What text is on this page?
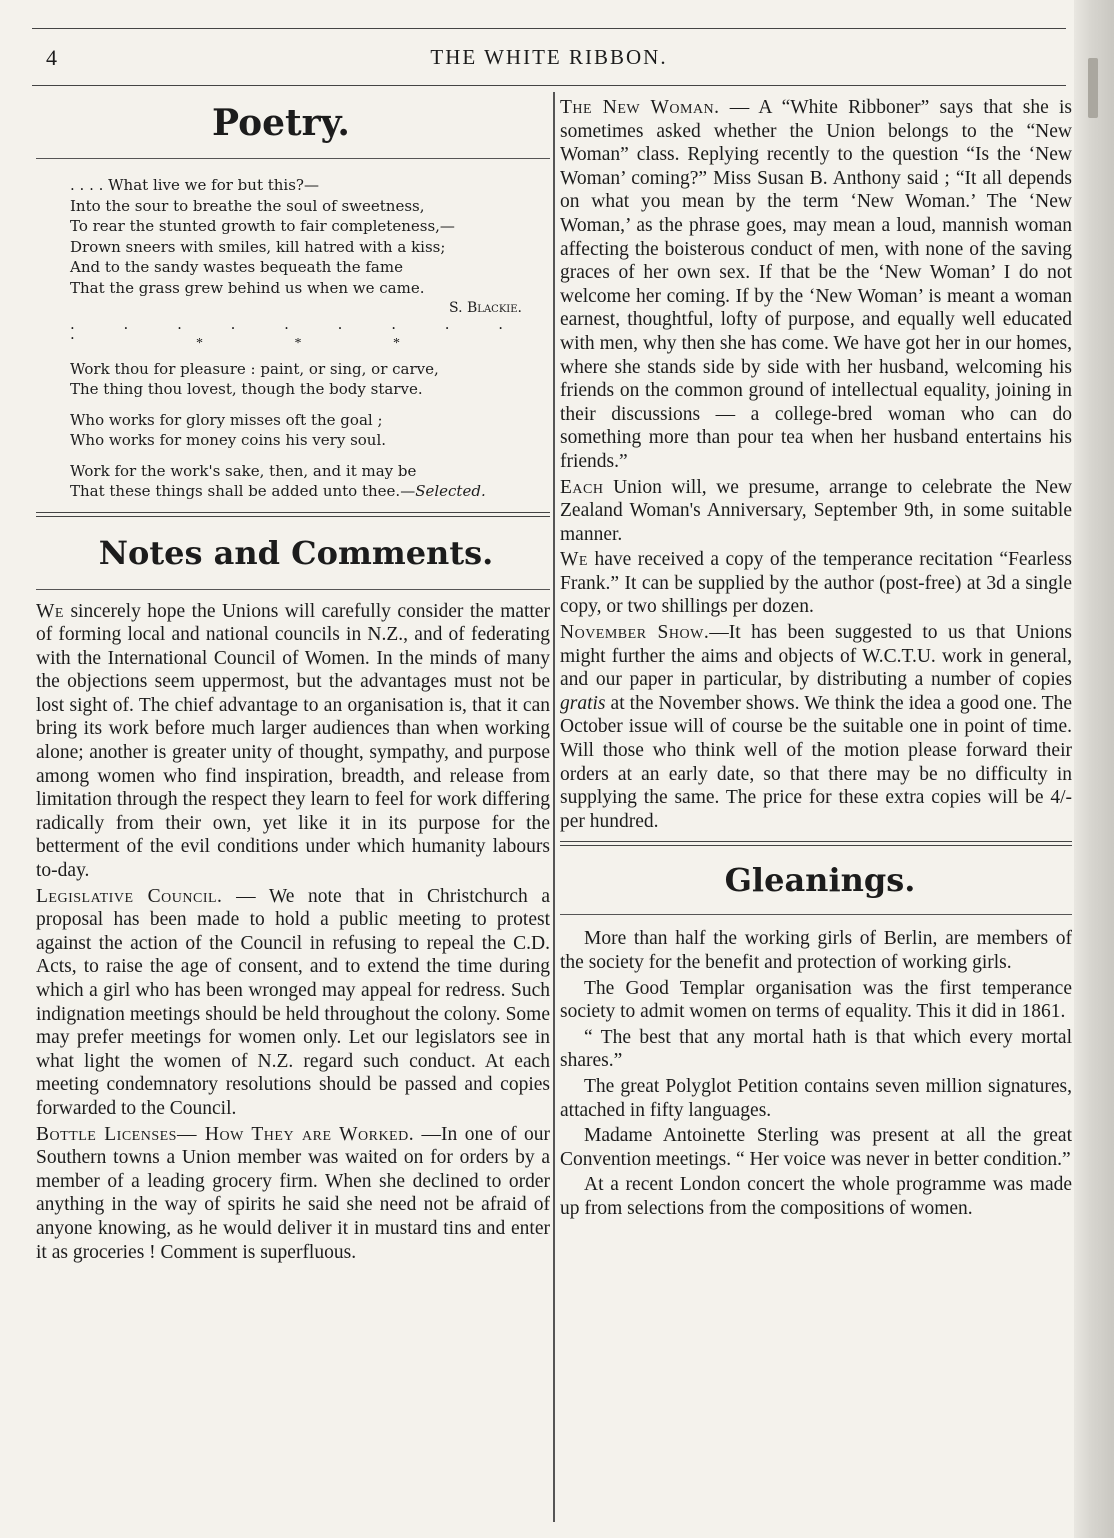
4	THE WHITE RIBBON.
Poetry.
. . . . What live we for but this?—
Into the sour to breathe the soul of sweetness,
To rear the stunted growth to fair completeness,—
Drown sneers with smiles, kill hatred with a kiss;
And to the sandy wastes bequeath the fame
That the grass grew behind us when we came.
S. Blackie.
. . . . . . . . . .
* * *
Work thou for pleasure : paint, or sing, or carve,
The thing thou lovest, though the body starve.
Who works for glory misses oft the goal ;
Who works for money coins his very soul.
Work for the work's sake, then, and it may be
That these things shall be added unto thee.—Selected.
Notes and Comments.

We sincerely hope the Unions will carefully consider the matter of forming local and national councils in N.Z., and of federating with the International Council of Women. In the minds of many the objections seem uppermost, but the advantages must not be lost sight of. The chief advantage to an organisation is, that it can bring its work before much larger audiences than when working alone; another is greater unity of thought, sympathy, and purpose among women who find inspiration, breadth, and release from limitation through the respect they learn to feel for work differing radically from their own, yet like it in its purpose for the betterment of the evil conditions under which humanity labours to-day.

Legislative Council. — We note that in Christchurch a proposal has been made to hold a public meeting to protest against the action of the Council in refusing to repeal the C.D. Acts, to raise the age of consent, and to extend the time during which a girl who has been wronged may appeal for redress. Such indignation meetings should be held throughout the colony. Some may prefer meetings for women only. Let our legislators see in what light the women of N.Z. regard such conduct. At each meeting condemnatory resolutions should be passed and copies forwarded to the Council.

Bottle Licenses— How They are Worked. —In one of our Southern towns a Union member was waited on for orders by a member of a leading grocery firm. When she declined to order anything in the way of spirits he said she need not be afraid of anyone knowing, as he would deliver it in mustard tins and enter it as groceries ! Comment is superfluous.

The New Woman. — A “White Ribboner” says that she is sometimes asked whether the Union belongs to the “New Woman” class. Replying recently to the question “Is the ‘New Woman’ coming?” Miss Susan B. Anthony said ; “It all depends on what you mean by the term ‘New Woman.’ The ‘New Woman,’ as the phrase goes, may mean a loud, mannish woman affecting the boisterous conduct of men, with none of the saving graces of her own sex. If that be the ‘New Woman’ I do not welcome her coming. If by the ‘New Woman’ is meant a woman earnest, thoughtful, lofty of purpose, and equally well educated with men, why then she has come. We have got her in our homes, where she stands side by side with her husband, welcoming his friends on the common ground of intellectual equality, joining in their discussions — a college-bred woman who can do something more than pour tea when her husband entertains his friends.”

Each Union will, we presume, arrange to celebrate the New Zealand Woman's Anniversary, September 9th, in some suitable manner.

We have received a copy of the temperance recitation “Fearless Frank.” It can be supplied by the author (post-free) at 3d a single copy, or two shillings per dozen.

November Show.—It has been suggested to us that Unions might further the aims and objects of W.C.T.U. work in general, and our paper in particular, by distributing a number of copies gratis at the November shows. We think the idea a good one. The October issue will of course be the suitable one in point of time. Will those who think well of the motion please forward their orders at an early date, so that there may be no difficulty in supplying the same. The price for these extra copies will be 4/- per hundred.

Gleanings.

More than half the working girls of Berlin, are members of the society for the benefit and protection of working girls.

The Good Templar organisation was the first temperance society to admit women on terms of equality. This it did in 1861.

“ The best that any mortal hath is that which every mortal shares.”

The great Polyglot Petition contains seven million signatures, attached in fifty languages.

Madame Antoinette Sterling was present at all the great Convention meetings. “ Her voice was never in better condition.”

At a recent London concert the whole programme was made up from selections from the compositions of women.
